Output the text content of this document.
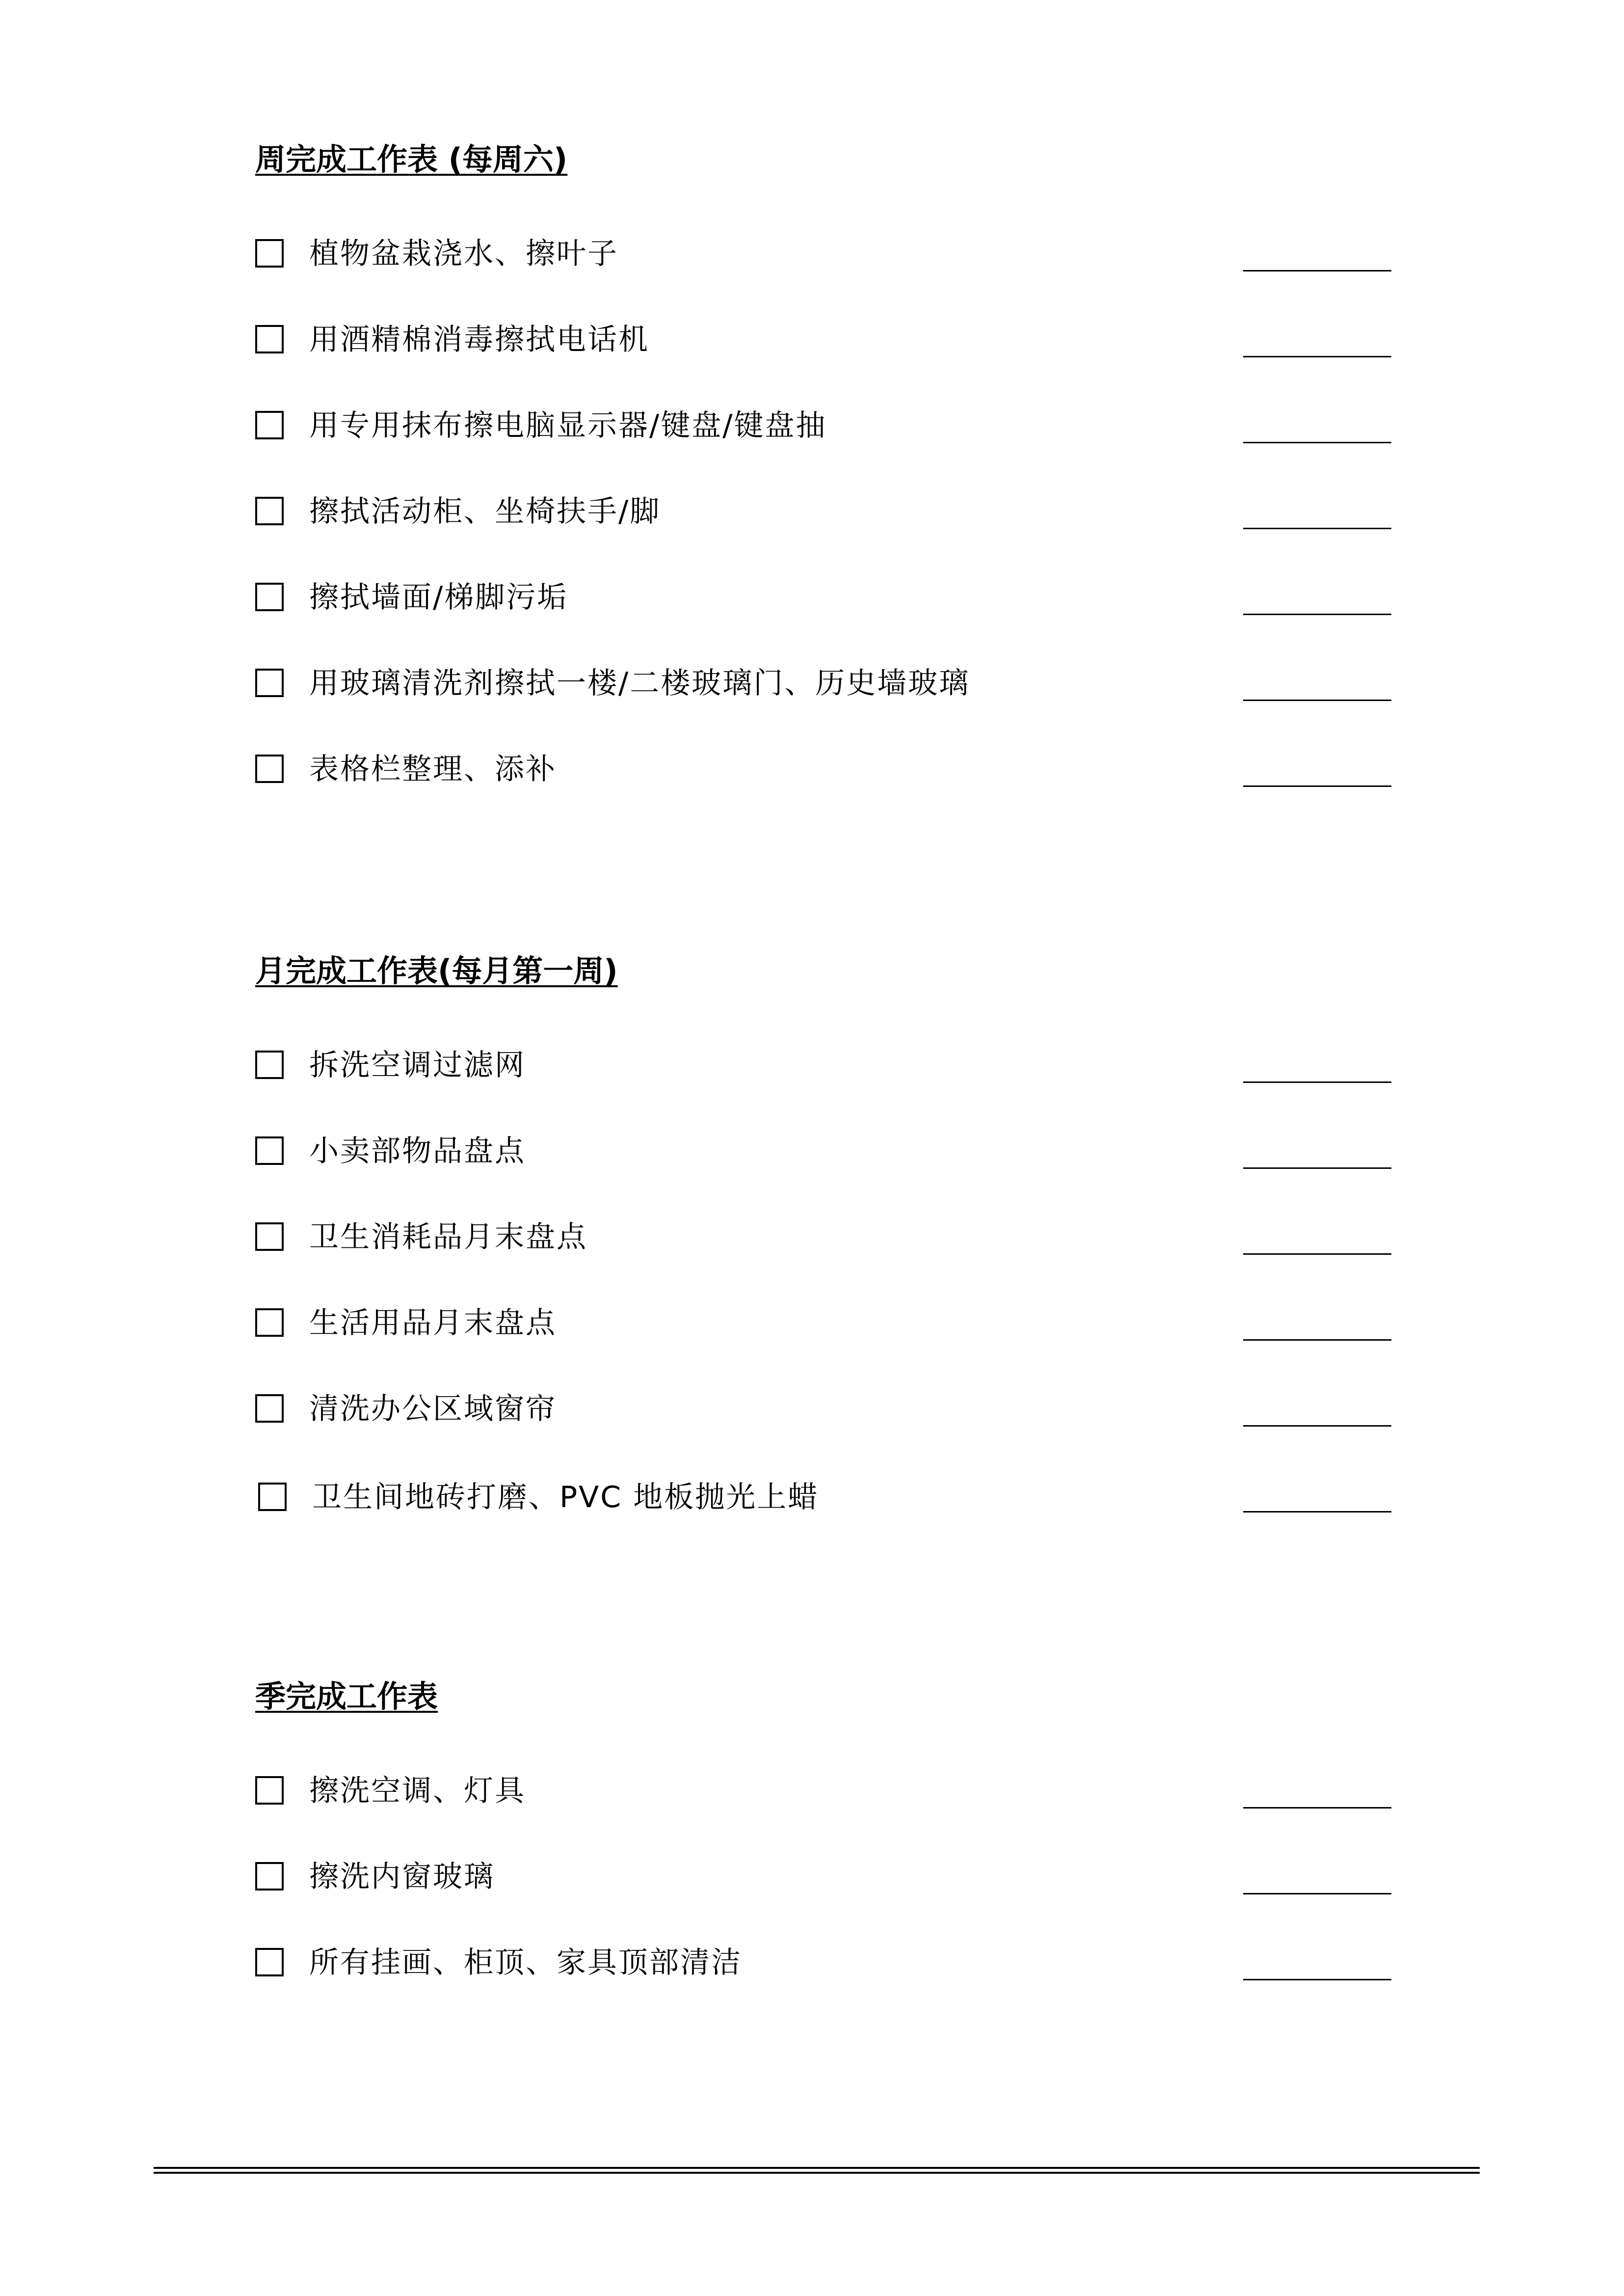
周完成工作表 (每周六)
植物盆栽浇水、擦叶子
用酒精棉消毒擦拭电话机
用专用抹布擦电脑显示器/键盘/键盘抽
擦拭活动柜、坐椅扶手/脚
擦拭墙面/梯脚污垢
用玻璃清洗剂擦拭一楼/二楼玻璃门、历史墙玻璃
表格栏整理、添补
月完成工作表(每月第一周)
拆洗空调过滤网
小卖部物品盘点
卫生消耗品月末盘点
生活用品月末盘点
清洗办公区域窗帘
卫生间地砖打磨、PVC 地板抛光上蜡
季完成工作表
擦洗空调、灯具
擦洗内窗玻璃
所有挂画、柜顶、家具顶部清洁
